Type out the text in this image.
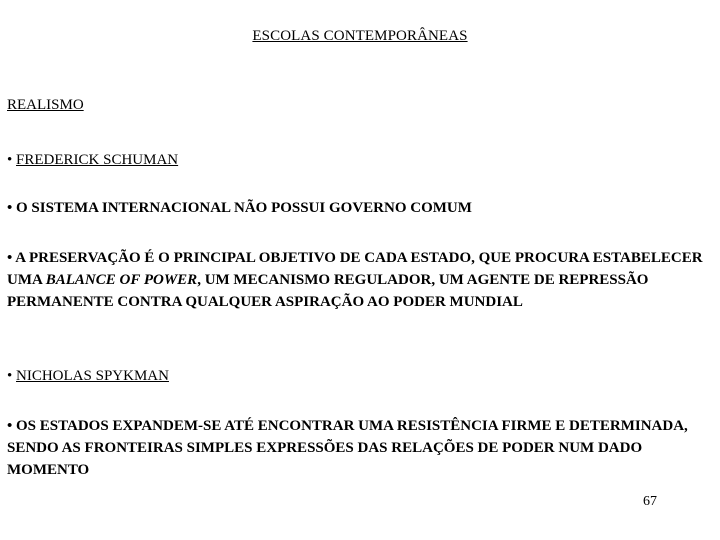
ESCOLAS CONTEMPORÂNEAS
REALISMO
• FREDERICK SCHUMAN
• O SISTEMA INTERNACIONAL NÃO POSSUI GOVERNO COMUM
• A PRESERVAÇÃO É O PRINCIPAL OBJETIVO DE CADA ESTADO, QUE PROCURA ESTABELECER UMA BALANCE OF POWER, UM MECANISMO REGULADOR, UM AGENTE DE REPRESSÃO PERMANENTE CONTRA QUALQUER ASPIRAÇÃO AO PODER MUNDIAL
• NICHOLAS SPYKMAN
• OS ESTADOS EXPANDEM-SE ATÉ ENCONTRAR UMA RESISTÊNCIA FIRME E DETERMINADA, SENDO AS FRONTEIRAS SIMPLES EXPRESSÕES DAS RELAÇÕES DE PODER NUM DADO MOMENTO
67
